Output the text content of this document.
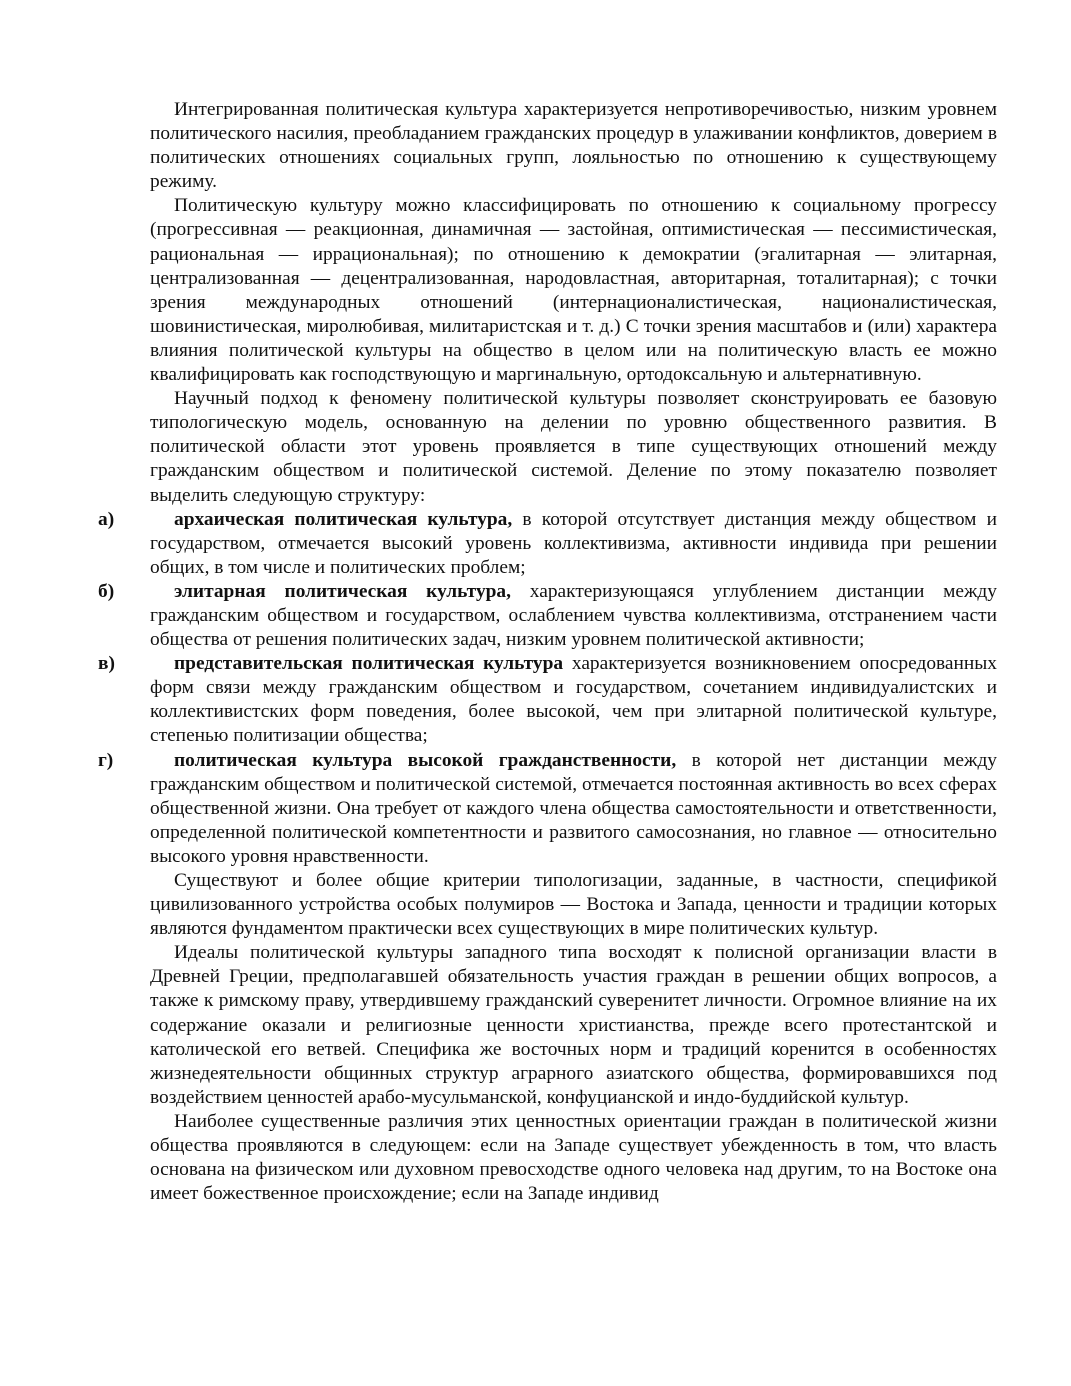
Интегрированная политическая культура характеризуется непротиворечивостью, низким уровнем политического насилия, преобладанием гражданских процедур в улаживании конфликтов, доверием в политических отношениях социальных групп, лояльностью по отношению к существующему режиму.

Политическую культуру можно классифицировать по отношению к социальному прогрессу (прогрессивная — реакционная, динамичная — застойная, оптимистическая — пессимистическая, рациональная — иррациональная); по отношению к демократии (эгалитарная — элитарная, централизованная — децентрализованная, народовластная, авторитарная, тоталитарная); с точки зрения международных отношений (интернационалистическая, националистическая, шовинистическая, миролюбивая, милитаристская и т. д.) С точки зрения масштабов и (или) характера влияния политической культуры на общество в целом или на политическую власть ее можно квалифицировать как господствующую и маргинальную, ортодоксальную и альтернативную.

Научный подход к феномену политической культуры позволяет сконструировать ее базовую типологическую модель, основанную на делении по уровню общественного развития. В политической области этот уровень проявляется в типе существующих отношений между гражданским обществом и политической системой. Деление по этому показателю позволяет выделить следующую структуру:

а)	архаическая политическая культура, в которой отсутствует дистанция между обществом и государством, отмечается высокий уровень коллективизма, активности индивида при решении общих, в том числе и политических проблем;

б)	элитарная политическая культура, характеризующаяся углублением дистанции между гражданским обществом и государством, ослаблением чувства коллективизма, отстранением части общества от решения политических задач, низким уровнем политической активности;

в)	представительская политическая культура характеризуется возникновением опосредованных форм связи между гражданским обществом и государством, сочетанием индивидуалистских и коллективистских форм поведения, более высокой, чем при элитарной политической культуре, степенью политизации общества;

г)	политическая культура высокой гражданственности, в которой нет дистанции между гражданским обществом и политической системой, отмечается постоянная активность во всех сферах общественной жизни. Она требует от каждого члена общества самостоятельности и ответственности, определенной политической компетентности и развитого самосознания, но главное — относительно высокого уровня нравственности.

Существуют и более общие критерии типологизации, заданные, в частности, спецификой цивилизованного устройства особых полумиров — Востока и Запада, ценности и традиции которых являются фундаментом практически всех существующих в мире политических культур.

Идеалы политической культуры западного типа восходят к полисной организации власти в Древней Греции, предполагавшей обязательность участия граждан в решении общих вопросов, а также к римскому праву, утвердившему гражданский суверенитет личности. Огромное влияние на их содержание оказали и религиозные ценности христианства, прежде всего протестантской и католической его ветвей. Специфика же восточных норм и традиций коренится в особенностях жизнедеятельности общинных структур аграрного азиатского общества, формировавшихся под воздействием ценностей арабо-мусульманской, конфуцианской и индо-буддийской культур.

Наиболее существенные различия этих ценностных ориентации граждан в политической жизни общества проявляются в следующем: если на Западе существует убежденность в том, что власть основана на физическом или духовном превосходстве одного человека над другим, то на Востоке она имеет божественное происхождение; если на Западе индивид
